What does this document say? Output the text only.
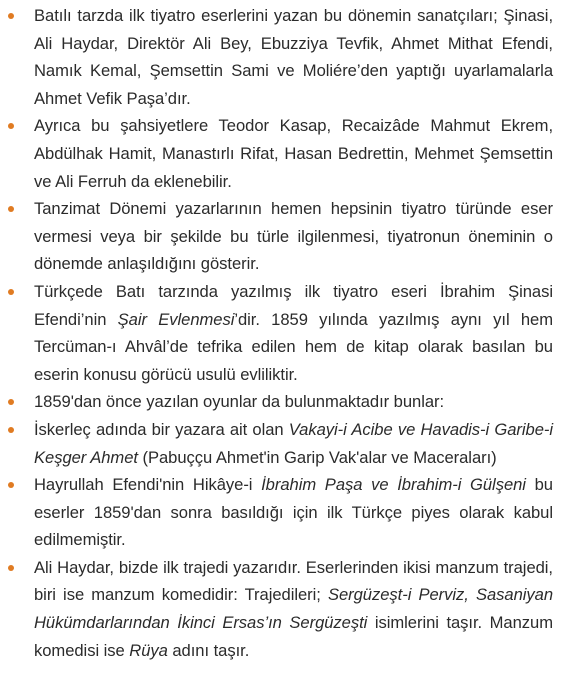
Batılı tarzda ilk tiyatro eserlerini yazan bu dönemin sanatçıları; Şinasi, Ali Haydar, Direktör Ali Bey, Ebuzziya Tevfik, Ahmet Mithat Efendi, Namık Kemal, Şemsettin Sami ve Moliére’den yaptığı uyarlamalarla Ahmet Vefik Paşa’dır.
Ayrıca bu şahsiyetlere Teodor Kasap, Recaizâde Mahmut Ekrem, Abdülhak Hamit, Manastırlı Rifat, Hasan Bedrettin, Mehmet Şemsettin ve Ali Ferruh da eklenebilir.
Tanzimat Dönemi yazarlarının hemen hepsinin tiyatro türünde eser vermesi veya bir şekilde bu türle ilgilenmesi, tiyatronun öneminin o dönemde anlaşıldığını gösterir.
Türkçede Batı tarzında yazılmış ilk tiyatro eseri İbrahim Şinasi Efendi’nin Şair Evlenmesi’dir. 1859 yılında yazılmış aynı yıl hem Tercüman-ı Ahvâl’de tefrika edilen hem de kitap olarak basılan bu eserin konusu görücü usulü evliliktir.
1859'dan önce yazılan oyunlar da bulunmaktadır bunlar:
İskerleç adında bir yazara ait olan Vakayi-i Acibe ve Havadis-i Garibe-i Keşger Ahmet (Pabuççu Ahmet'in Garip Vak'alar ve Maceraları)
Hayrullah Efendi'nin Hikâye-i İbrahim Paşa ve İbrahim-i Gülşeni bu eserler 1859'dan sonra basıldığı için ilk Türkçe piyes olarak kabul edilmemiştir.
Ali Haydar, bizde ilk trajedi yazarıdır. Eserlerinden ikisi manzum trajedi, biri ise manzum komedidir: Trajedileri; Sergüzeşt-i Perviz, Sasaniyan Hükümdarlarından İkinci Ersas’ın Sergüzeşti isimlerini taşır. Manzum komedisi ise Rüya adını taşır.
